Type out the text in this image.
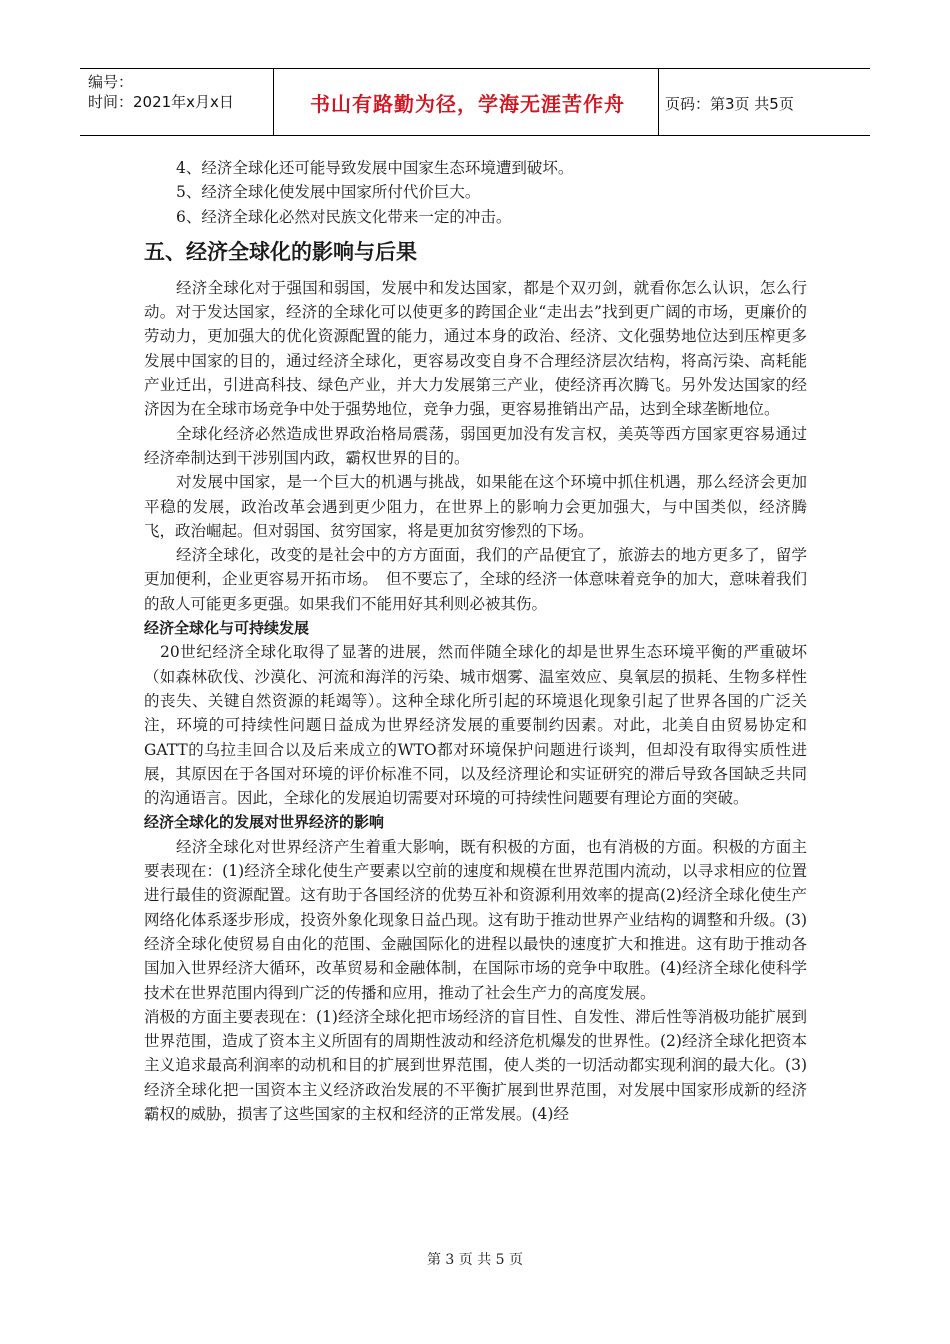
编号：
时间：2021年x月x日	书山有路勤为径，学海无涯苦作舟	页码：第3页 共5页

4、经济全球化还可能导致发展中国家生态环境遭到破坏。

5、经济全球化使发展中国家所付代价巨大。

6、经济全球化必然对民族文化带来一定的冲击。

五、经济全球化的影响与后果

经济全球化对于强国和弱国，发展中和发达国家，都是个双刃剑，就看你怎么认识，怎么行动。对于发达国家，经济的全球化可以使更多的跨国企业“走出去”找到更广阔的市场，更廉价的劳动力，更加强大的优化资源配置的能力，通过本身的政治、经济、文化强势地位达到压榨更多发展中国家的目的，通过经济全球化，更容易改变自身不合理经济层次结构，将高污染、高耗能产业迁出，引进高科技、绿色产业，并大力发展第三产业，使经济再次腾飞。另外发达国家的经济因为在全球市场竞争中处于强势地位，竞争力强，更容易推销出产品，达到全球垄断地位。

全球化经济必然造成世界政治格局震荡，弱国更加没有发言权，美英等西方国家更容易通过经济牵制达到干涉别国内政，霸权世界的目的。

对发展中国家，是一个巨大的机遇与挑战，如果能在这个环境中抓住机遇，那么经济会更加平稳的发展，政治改革会遇到更少阻力，在世界上的影响力会更加强大，与中国类似，经济腾飞，政治崛起。但对弱国、贫穷国家，将是更加贫穷惨烈的下场。

经济全球化，改变的是社会中的方方面面，我们的产品便宜了，旅游去的地方更多了，留学更加便利，企业更容易开拓市场。　但不要忘了，全球的经济一体意味着竞争的加大，意味着我们的敌人可能更多更强。如果我们不能用好其利则必被其伤。

经济全球化与可持续发展

20世纪经济全球化取得了显著的进展，然而伴随全球化的却是世界生态环境平衡的严重破坏（如森林砍伐、沙漠化、河流和海洋的污染、城市烟雾、温室效应、臭氧层的损耗、生物多样性的丧失、关键自然资源的耗竭等）。这种全球化所引起的环境退化现象引起了世界各国的广泛关注，环境的可持续性问题日益成为世界经济发展的重要制约因素。对此，北美自由贸易协定和GATT的乌拉圭回合以及后来成立的WTO都对环境保护问题进行谈判，但却没有取得实质性进展，其原因在于各国对环境的评价标准不同，以及经济理论和实证研究的滞后导致各国缺乏共同的沟通语言。因此，全球化的发展迫切需要对环境的可持续性问题要有理论方面的突破。

经济全球化的发展对世界经济的影响

经济全球化对世界经济产生着重大影响，既有积极的方面，也有消极的方面。积极的方面主要表现在：(1)经济全球化使生产要素以空前的速度和规模在世界范围内流动，以寻求相应的位置进行最佳的资源配置。这有助于各国经济的优势互补和资源利用效率的提高(2)经济全球化使生产网络化体系逐步形成，投资外象化现象日益凸现。这有助于推动世界产业结构的调整和升级。(3)经济全球化使贸易自由化的范围、金融国际化的进程以最快的速度扩大和推进。这有助于推动各国加入世界经济大循环，改革贸易和金融体制，在国际市场的竞争中取胜。(4)经济全球化使科学技术在世界范围内得到广泛的传播和应用，推动了社会生产力的高度发展。

消极的方面主要表现在：(1)经济全球化把市场经济的盲目性、自发性、滞后性等消极功能扩展到世界范围，造成了资本主义所固有的周期性波动和经济危机爆发的世界性。(2)经济全球化把资本主义追求最高利润率的动机和目的扩展到世界范围，使人类的一切活动都实现利润的最大化。(3)经济全球化把一国资本主义经济政治发展的不平衡扩展到世界范围，对发展中国家形成新的经济霸权的威胁，损害了这些国家的主权和经济的正常发展。(4)经

第 3 页 共 5 页
